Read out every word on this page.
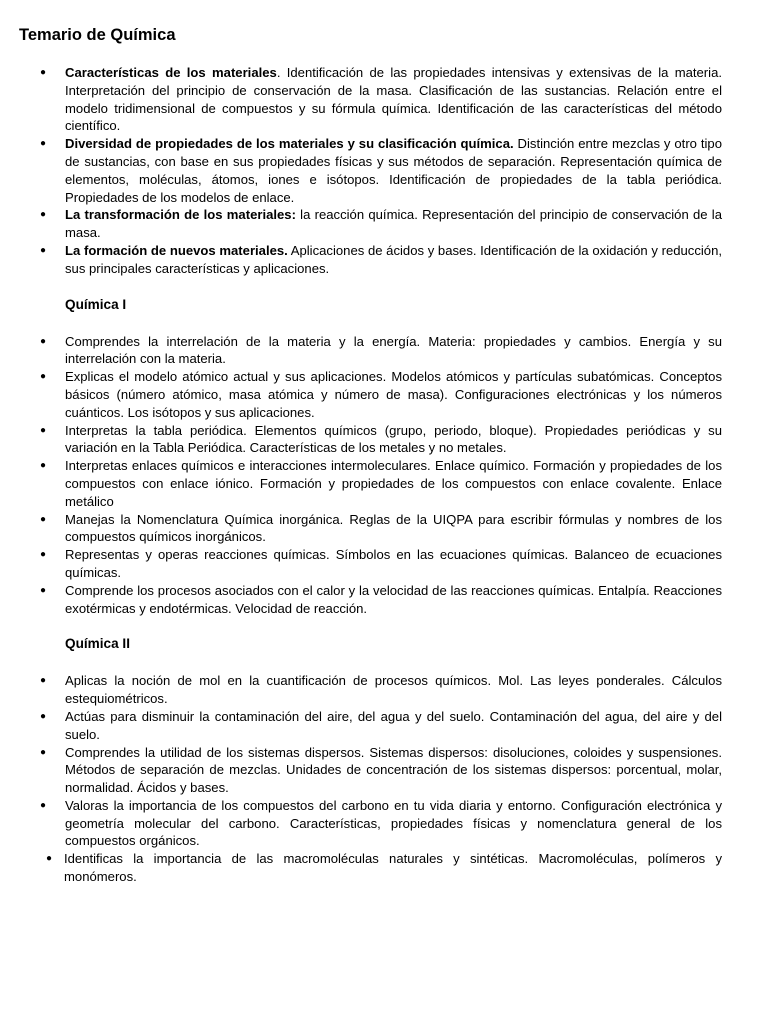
Temario de Química
● Características de los materiales. Identificación de las propiedades intensivas y extensivas de la materia. Interpretación del principio de conservación de la masa. Clasificación de las sustancias. Relación entre el modelo tridimensional de compuestos y su fórmula química. Identificación de las características del método científico.
● Diversidad de propiedades de los materiales y su clasificación química. Distinción entre mezclas y otro tipo de sustancias, con base en sus propiedades físicas y sus métodos de separación. Representación química de elementos, moléculas, átomos, iones e isótopos. Identificación de propiedades de la tabla periódica. Propiedades de los modelos de enlace.
● La transformación de los materiales: la reacción química. Representación del principio de conservación de la masa.
● La formación de nuevos materiales. Aplicaciones de ácidos y bases. Identificación de la oxidación y reducción, sus principales características y aplicaciones.
Química I
● Comprendes la interrelación de la materia y la energía. Materia: propiedades y cambios. Energía y su interrelación con la materia.
● Explicas el modelo atómico actual y sus aplicaciones. Modelos atómicos y partículas subatómicas. Conceptos básicos (número atómico, masa atómica y número de masa). Configuraciones electrónicas y los números cuánticos. Los isótopos y sus aplicaciones.
● Interpretas la tabla periódica. Elementos químicos (grupo, periodo, bloque). Propiedades periódicas y su variación en la Tabla Periódica. Características de los metales y no metales.
● Interpretas enlaces químicos e interacciones intermoleculares. Enlace químico. Formación y propiedades de los compuestos con enlace iónico. Formación y propiedades de los compuestos con enlace covalente. Enlace metálico
● Manejas la Nomenclatura Química inorgánica. Reglas de la UIQPA para escribir fórmulas y nombres de los compuestos químicos inorgánicos.
● Representas y operas reacciones químicas. Símbolos en las ecuaciones químicas. Balanceo de ecuaciones químicas.
● Comprende los procesos asociados con el calor y la velocidad de las reacciones químicas. Entalpía. Reacciones exotérmicas y endotérmicas. Velocidad de reacción.
Química II
● Aplicas la noción de mol en la cuantificación de procesos químicos. Mol. Las leyes ponderales. Cálculos estequiométricos.
● Actúas para disminuir la contaminación del aire, del agua y del suelo. Contaminación del agua, del aire y del suelo.
● Comprendes la utilidad de los sistemas dispersos. Sistemas dispersos: disoluciones, coloides y suspensiones. Métodos de separación de mezclas. Unidades de concentración de los sistemas dispersos: porcentual, molar, normalidad. Ácidos y bases.
● Valoras la importancia de los compuestos del carbono en tu vida diaria y entorno. Configuración electrónica y geometría molecular del carbono. Características, propiedades físicas y nomenclatura general de los compuestos orgánicos.
● Identificas la importancia de las macromoléculas naturales y sintéticas. Macromoléculas, polímeros y monómeros.
